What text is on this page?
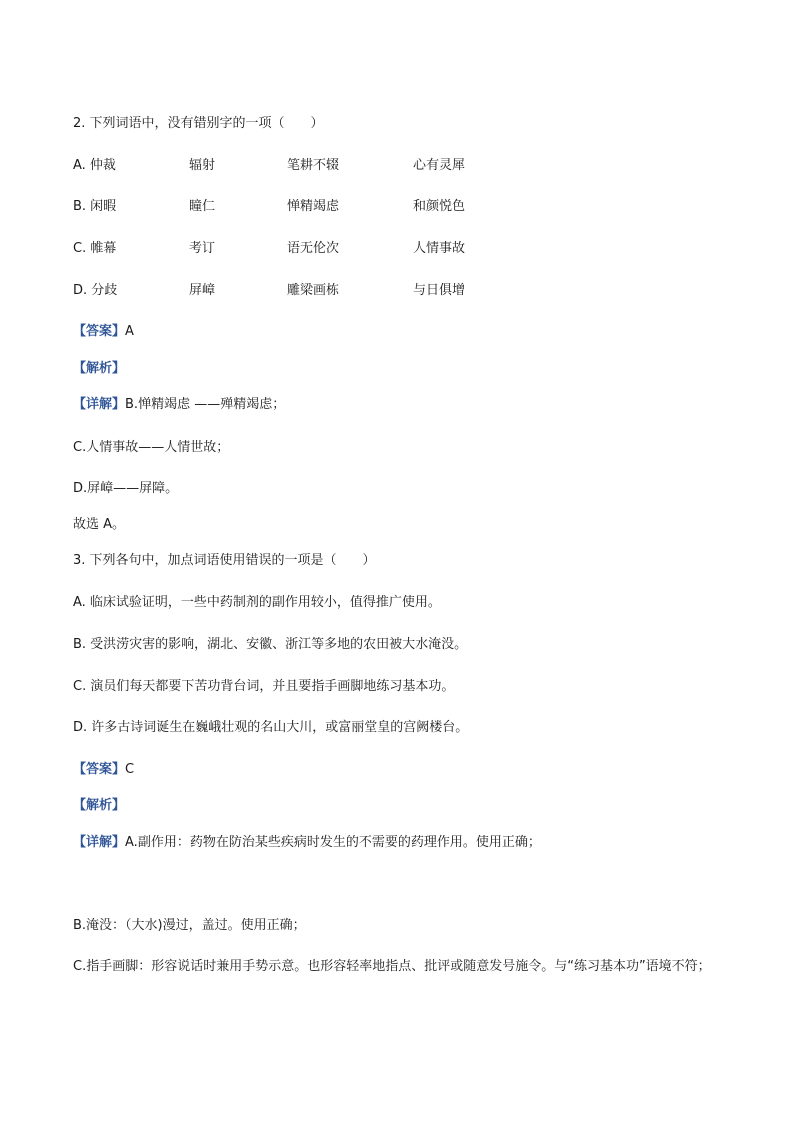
2. 下列词语中，没有错别字的一项（　　）
A. 仲裁	辐射	笔耕不辍	心有灵犀
B. 闲暇	瞳仁	惮精竭虑	和颜悦色
C. 帷幕	考订	语无伦次	人情事故
D. 分歧	屏嶂	雕梁画栋	与日俱增
【答案】A
【解析】
【详解】B.惮精竭虑 ——殚精竭虑；
C.人情事故——人情世故；
D.屏嶂——屏障。
故选 A。
3. 下列各句中，加点词语使用错误的一项是（　　）
A. 临床试验证明，一些中药制剂的副作用较小，值得推广使用。
B. 受洪涝灾害的影响，湖北、安徽、浙江等多地的农田被大水淹没。
C. 演员们每天都要下苦功背台词，并且要指手画脚地练习基本功。
D. 许多古诗词诞生在巍峨壮观的名山大川，或富丽堂皇的宫阙楼台。
【答案】C
【解析】
【详解】A.副作用：药物在防治某些疾病时发生的不需要的药理作用。使用正确；
B.淹没：（大水)漫过，盖过。使用正确；
C.指手画脚：形容说话时兼用手势示意。也形容轻率地指点、批评或随意发号施令。与“练习基本功”语境不符；
